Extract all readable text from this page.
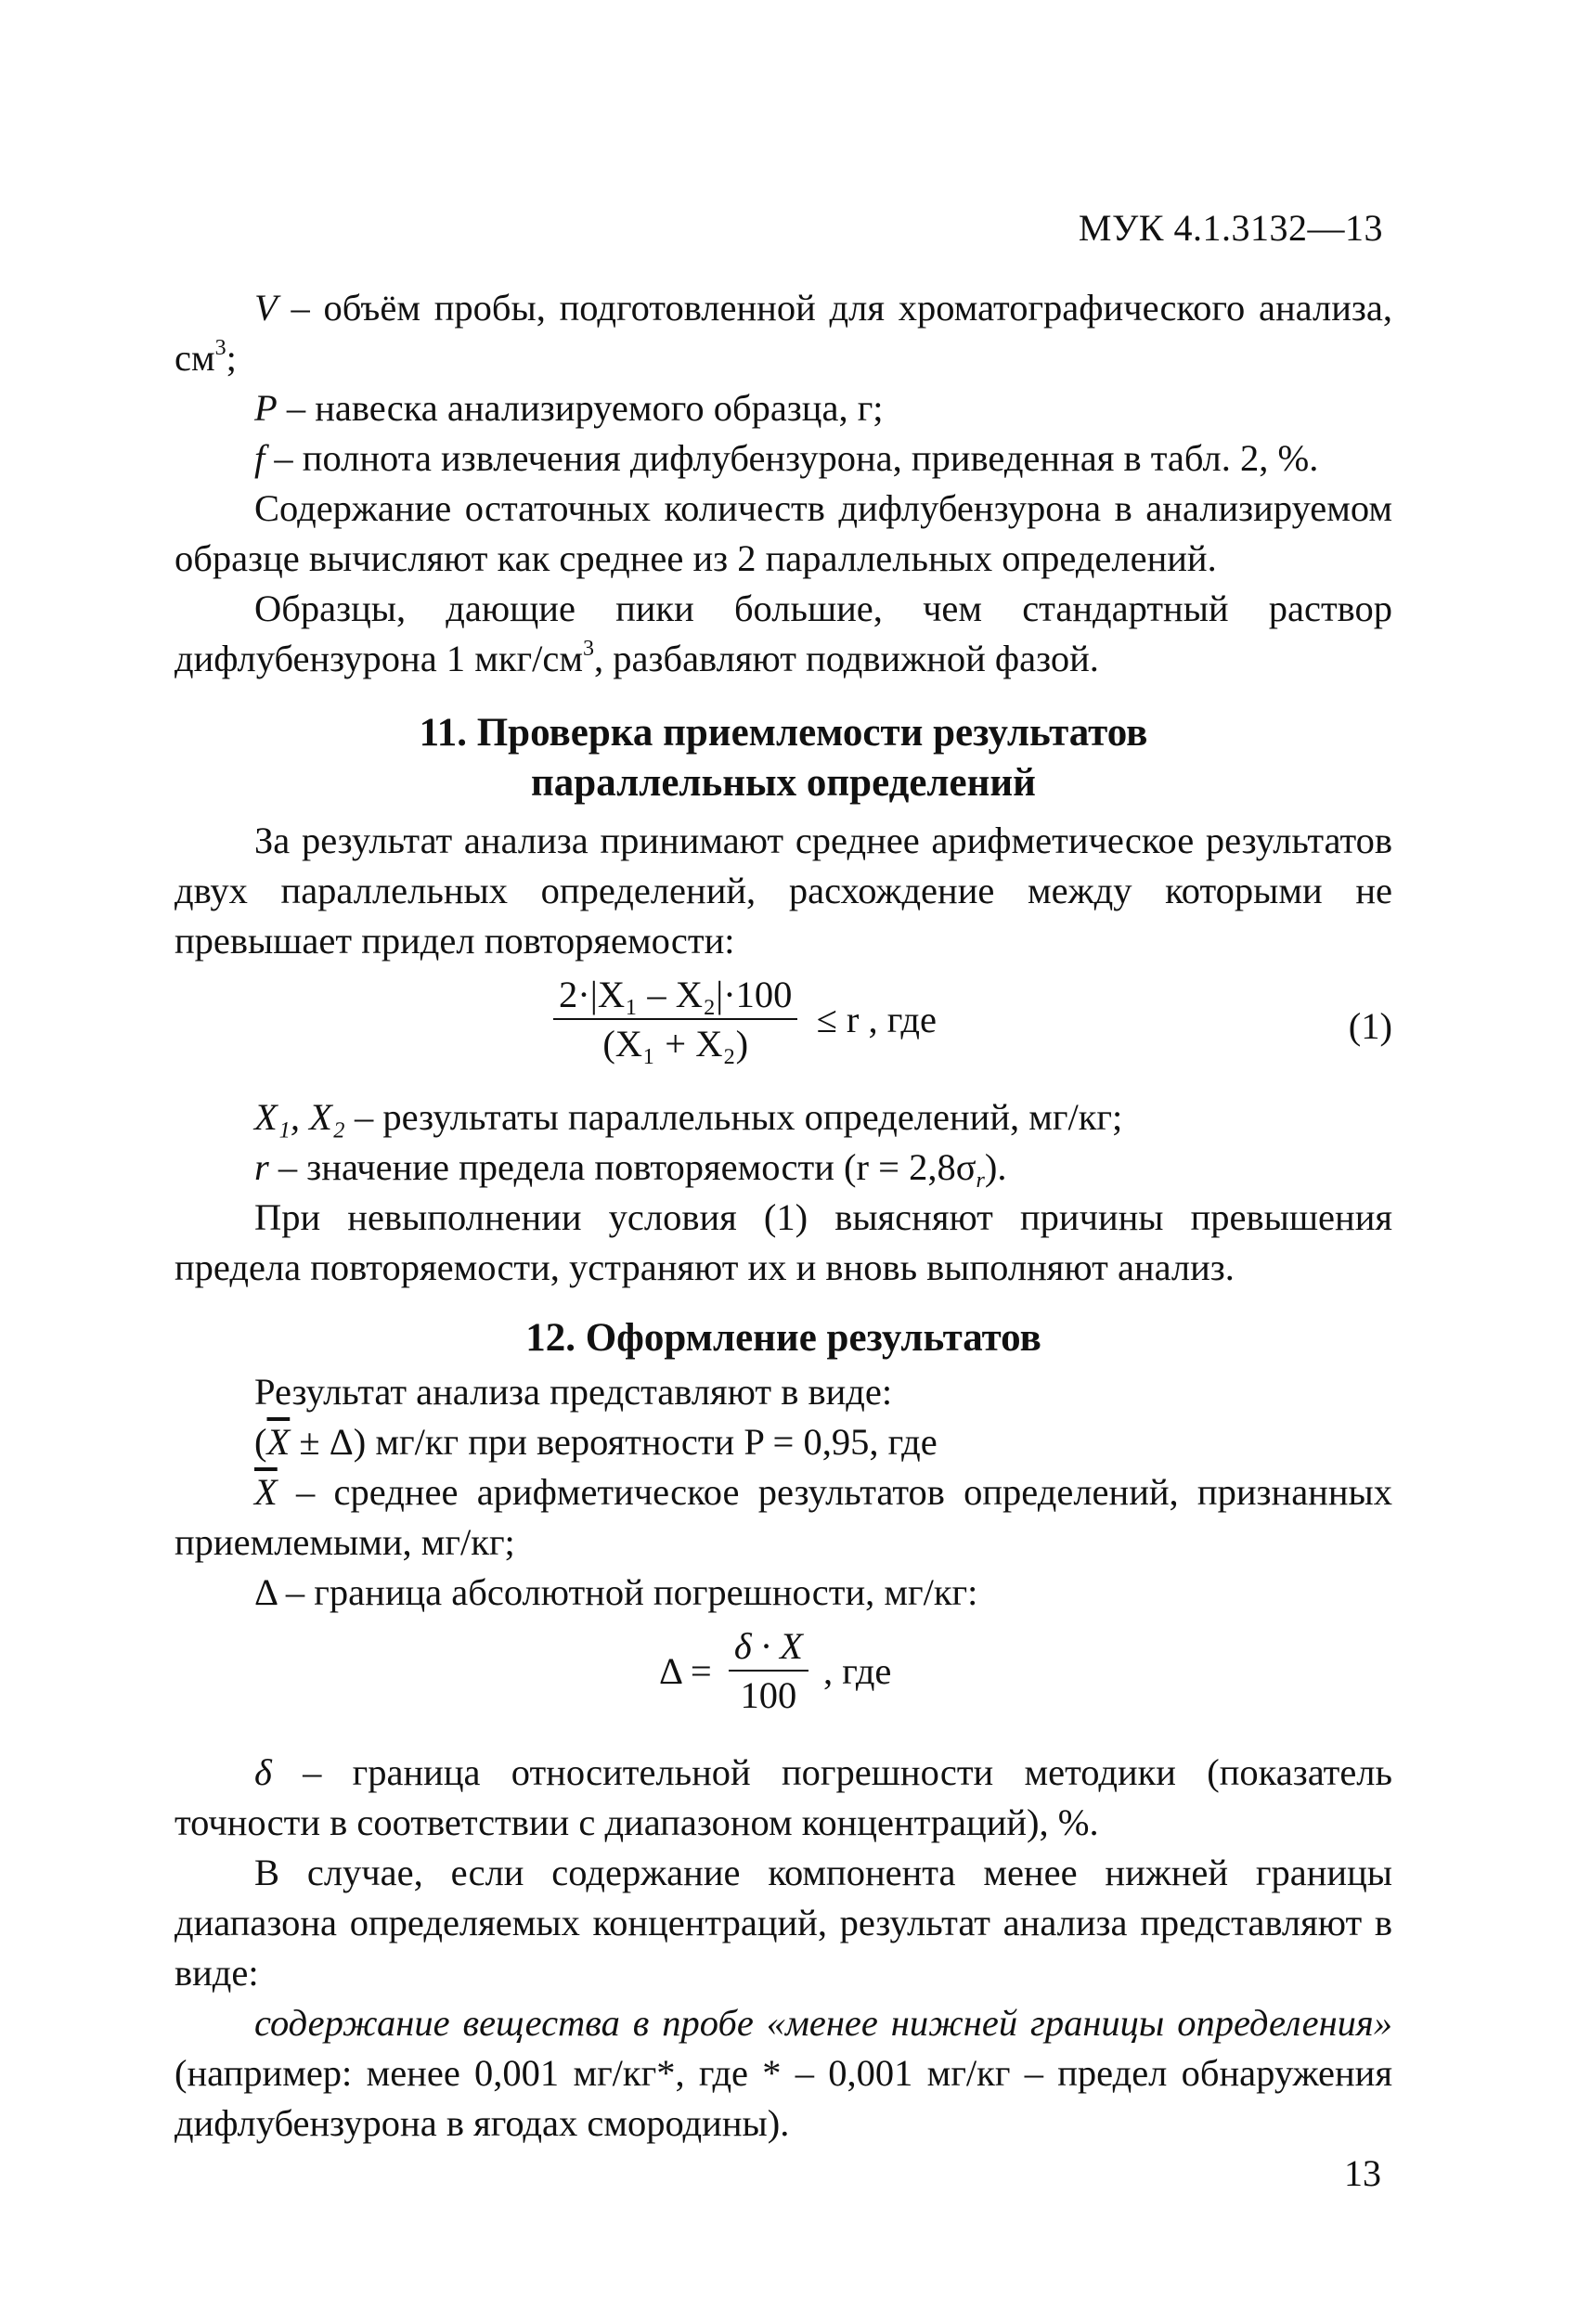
МУК 4.1.3132—13

V – объём пробы, подготовленной для хроматографического анализа, $см^3$;

P – навеска анализируемого образца, г;

f – полнота извлечения дифлубензурона, приведенная в табл. 2, %.

Содержание остаточных количеств дифлубензурона в анализируемом образце вычисляют как среднее из 2 параллельных определений.

Образцы, дающие пики большие, чем стандартный раствор дифлубензурона 1 мкг/$см^3$, разбавляют подвижной фазой.

11. Проверка приемлемости результатов
параллельных определений

За результат анализа принимают среднее арифметическое результатов двух параллельных определений, расхождение между которыми не превышает придел повторяемости:

$\frac{\text{2·|X₁ – X₂|·100}}{\text{(X₁ + X₂)}} \le r$ , где	(1)

X₁, X₂ – результаты параллельных определений, мг/кг;

r – значение предела повторяемости $(r = 2,8\sigma_r)$.

При невыполнении условия (1) выясняют причины превышения предела повторяемости, устраняют их и вновь выполняют анализ.

12. Оформление результатов

Результат анализа представляют в виде:

$(\overline{X} \pm \Delta)$ мг/кг при вероятности P = 0,95, где

$\overline{X}$ – среднее арифметическое результатов определений, признанных приемлемыми, мг/кг;

Δ – граница абсолютной погрешности, мг/кг:

$\Delta = \frac{\delta \cdot X}{100}$ , где

δ – граница относительной погрешности методики (показатель точности в соответствии с диапазоном концентраций), %.

В случае, если содержание компонента менее нижней границы диапазона определяемых концентраций, результат анализа представляют в виде:

содержание вещества в пробе «менее нижней границы определения» (например: менее 0,001 мг/кг*, где * – 0,001 мг/кг – предел обнаружения дифлубензурона в ягодах смородины).

13
